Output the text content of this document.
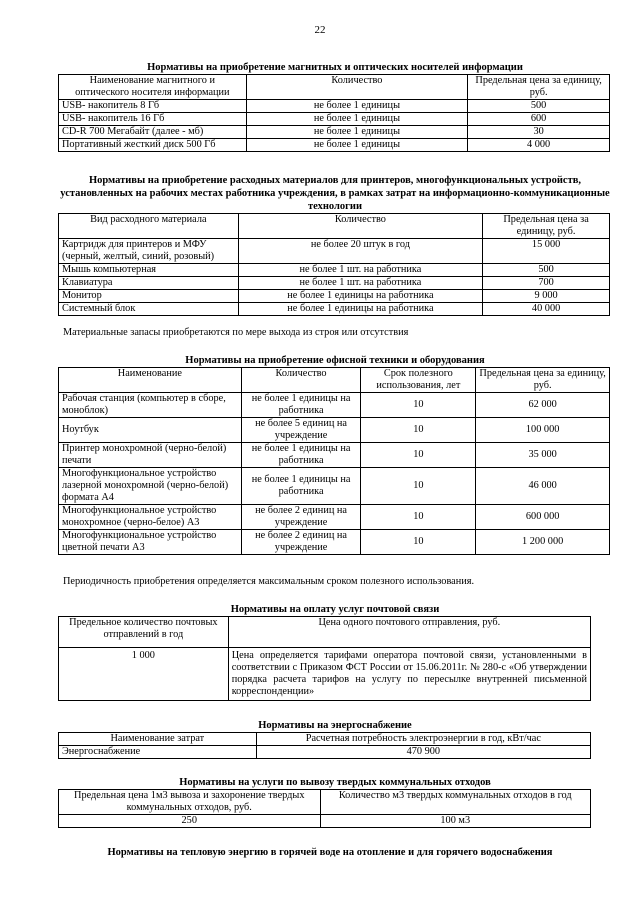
22
Нормативы на приобретение магнитных и оптических носителей информации
Наименование магнитного и оптического носителя информации	Количество	Предельная цена за единицу, руб.
USB- накопитель 8 Гб	не более 1 единицы	500
USB- накопитель 16 Гб	не более 1 единицы	600
CD-R 700 Мегабайт (далее - мб)	не более 1 единицы	30
Портативный жесткий диск 500 Гб	не более 1 единицы	4 000
Нормативы на приобретение расходных материалов для принтеров, многофункциональных устройств, установленных на рабочих местах работника учреждения, в рамках затрат на информационно-коммуникационные технологии
Вид расходного материала	Количество	Предельная цена за единицу, руб.
Картридж для принтеров и МФУ (черный, желтый, синий, розовый)	не более 20 штук в год	15 000
Мышь компьютерная	не более 1 шт. на работника	500
Клавиатура	не более 1 шт. на работника	700
Монитор	не более 1 единицы на работника	9 000
Системный блок	не более 1 единицы на работника	40 000
Материальные запасы приобретаются по мере выхода из строя или отсутствия
Нормативы на приобретение офисной техники и оборудования
Наименование	Количество	Срок полезного использования, лет	Предельная цена за единицу, руб.
Рабочая станция (компьютер в сборе, моноблок)	не более 1 единицы на работника	10	62 000
Ноутбук	не более 5 единиц на учреждение	10	100 000
Принтер монохромной (черно-белой) печати	не более 1 единицы на работника	10	35 000
Многофункциональное устройство лазерной монохромной (черно-белой) формата А4	не более 1 единицы на работника	10	46 000
Многофункциональное устройство монохромное (черно-белое) А3	не более 2 единиц на учреждение	10	600 000
Многофункциональное устройство цветной печати А3	не более 2 единиц на учреждение	10	1 200 000
Периодичность приобретения определяется максимальным сроком полезного использования.
Нормативы на оплату услуг почтовой связи
Предельное количество почтовых отправлений в год	Цена одного почтового отправления, руб.
1 000	Цена определяется тарифами оператора почтовой связи, установленными в соответствии с Приказом ФСТ России от 15.06.2011г. № 280-с «Об утверждении порядка расчета тарифов на услугу по пересылке внутренней письменной корреспонденции»
Нормативы на энергоснабжение
Наименование затрат	Расчетная потребность электроэнергии в год, кВт/час
Энергоснабжение	470 900
Нормативы на услуги по вывозу твердых коммунальных отходов
Предельная цена 1м3 вывоза и захоронение твердых коммунальных отходов, руб.	Количество м3 твердых коммунальных отходов в год
250	100 м3
Нормативы на тепловую энергию в горячей воде на отопление и для горячего водоснабжения
